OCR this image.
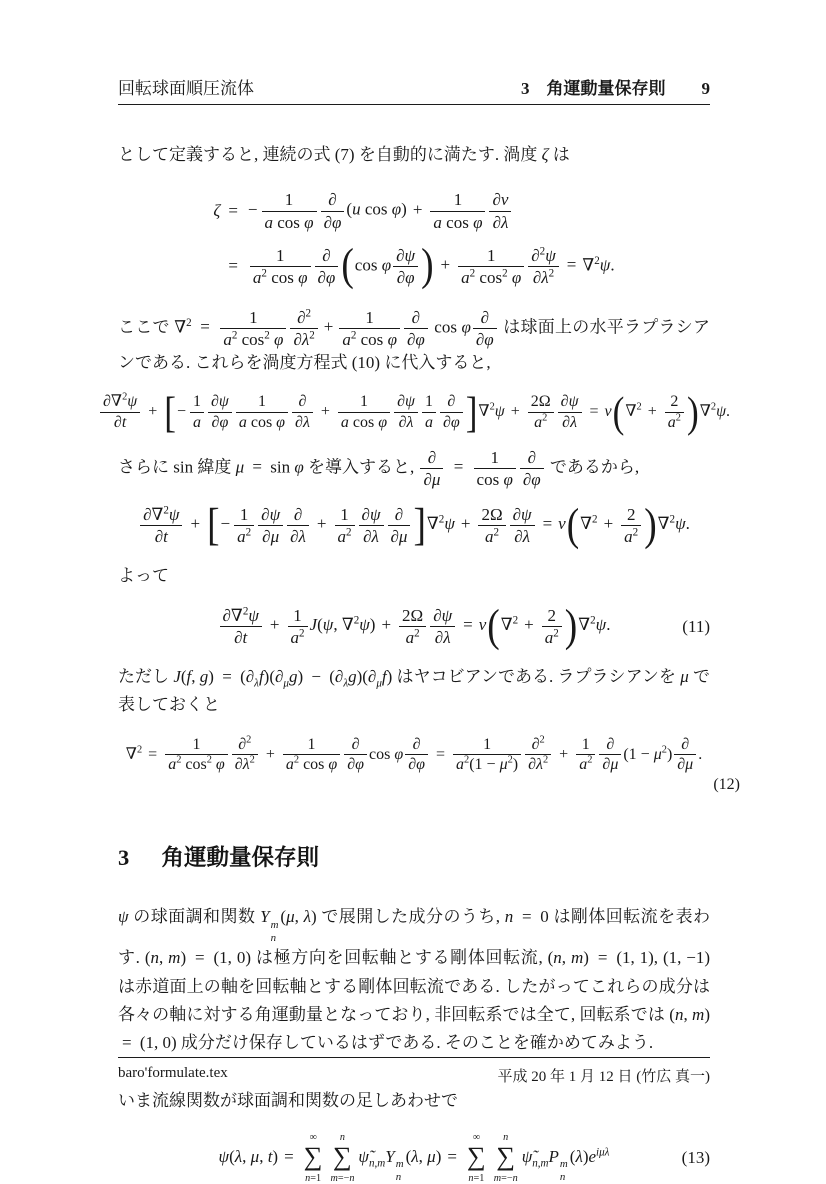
回転球面順圧流体	3　角運動量保存則 9

として定義すると, 連続の式 (7) を自動的に満たす. 渦度 ζ は

ζ	=	− $\frac{1}{\text{a cos φ}}$ ∂
∂φ
(u $\cos \varphi) + \frac{1}{\text{a cos φ}} \frac{\partial v}{\partial\lambda}$

	=	$\frac{1}{a^2 \cos \varphi}$ ∂
∂φ (cos φ $\frac{\partial\psi}{\partial\varphi}$ ) + $\frac{1}{a^2 \cos^2 \varphi} \frac{\partial^2\psi}{\partial\lambda^2} = \nabla^2\psi$.

ここで $\nabla^2 = \frac{1}{a^2 \cos^2 \varphi} \frac{\partial^2}{\partial\lambda^2} + \frac{1}{a^2 \cos \varphi}$ ∂
∂φ
cos φ ∂
∂φ
は球面上の水平ラプラシアンである. これらを渦度方程式 (10) に代入すると,

$\frac{\partial\nabla^2\psi}{\partial t}$ + [− $\frac{1}{a} \frac{\partial\psi}{\partial\varphi} \frac{1}{\text{a cos φ}}$ ∂
∂λ
+ $\frac{1}{\text{a cos φ}} \frac{\partial\psi}{\partial\lambda} \frac{1}{a}$ ∂
∂φ ]$\nabla^2\psi + \frac{2\Omega}{a^2} \frac{\partial\psi}{\partial\lambda} = \nu(\nabla^2 + \frac{2}{a^2} )\nabla^2\psi$.

さらに sin 緯度 μ = sin φ を導入すると, ∂
∂μ
= $\frac{1}{\text{cos φ}}$ ∂
∂φ
であるから,

$\frac{\partial\nabla^2\psi}{\partial t}$ + [− $\frac{1}{a^2} \frac{\partial\psi}{\partial\mu}$ ∂
∂λ
+ $\frac{1}{a^2} \frac{\partial\psi}{\partial\lambda}$ ∂
∂μ ]$\nabla^2\psi + \frac{2\Omega}{a^2} \frac{\partial\psi}{\partial\lambda} = \nu(\nabla^2 + \frac{2}{a^2} )\nabla^2\psi$.

よって

$\frac{\partial\nabla^2\psi}{\partial t} + \frac{1}{a^2} J(\psi$, $\nabla^2\psi) + \frac{2\Omega}{a^2} \frac{\partial\psi}{\partial\lambda} = \nu(\nabla^2 + \frac{2}{a^2} )\nabla^2\psi$.	(11)

ただし J(f, $g) = (\partial_\lambda f)(\partial_\mu g) - (\partial_\lambda g)(\partial_\mu f)$ はヤコビアンである. ラプラシアンを μ で表しておくと

$\nabla^2 = \frac{1}{a^2 \cos^2 \varphi} \frac{\partial^2}{\partial\lambda^2} + \frac{1}{a^2 \cos \varphi}$ ∂
∂φ
cos φ
∂
∂φ
= $\frac{1}{a^2(1 - \mu^2)} \frac{\partial^2}{\partial\lambda^2} + \frac{1}{a^2}$ ∂
∂μ
$(1 - \mu^2)$
∂
∂μ
.
(12)
3 角運動量保存則

ψ の球面調和関数 Y m
n
(μ, λ) で展開した成分のうち, n = 0 は剛体回転流を表わす. (n, m) = (1, 0) は極方向を回転軸とする剛体回転流, (n, m) = (1, 1), (1, −1) は赤道面上の軸を回転軸とする剛体回転流である. したがってこれらの成分は各々の軸に対する角運動量となっており, 非回転系では全て, 回転系では (n, m) = (1, 0) 成分だけ保存しているはずである. そのことを確かめてみよう.

いま流線関数が球面調和関数の足しあわせで

ψ(λ, μ, t) =
∞
∑
n=1
n
∑
m=−n
$\psĩ_{n,m}Y$ m
n
(λ, μ) =
∞
∑
n=1
n
∑
m=−n
$\psĩ_{n,m}P$ m
n
$(\lambda)e^{i\mu\lambda}$	(13)
baro'formulate.tex	平成 20 年 1 月 12 日 (竹広 真一)
